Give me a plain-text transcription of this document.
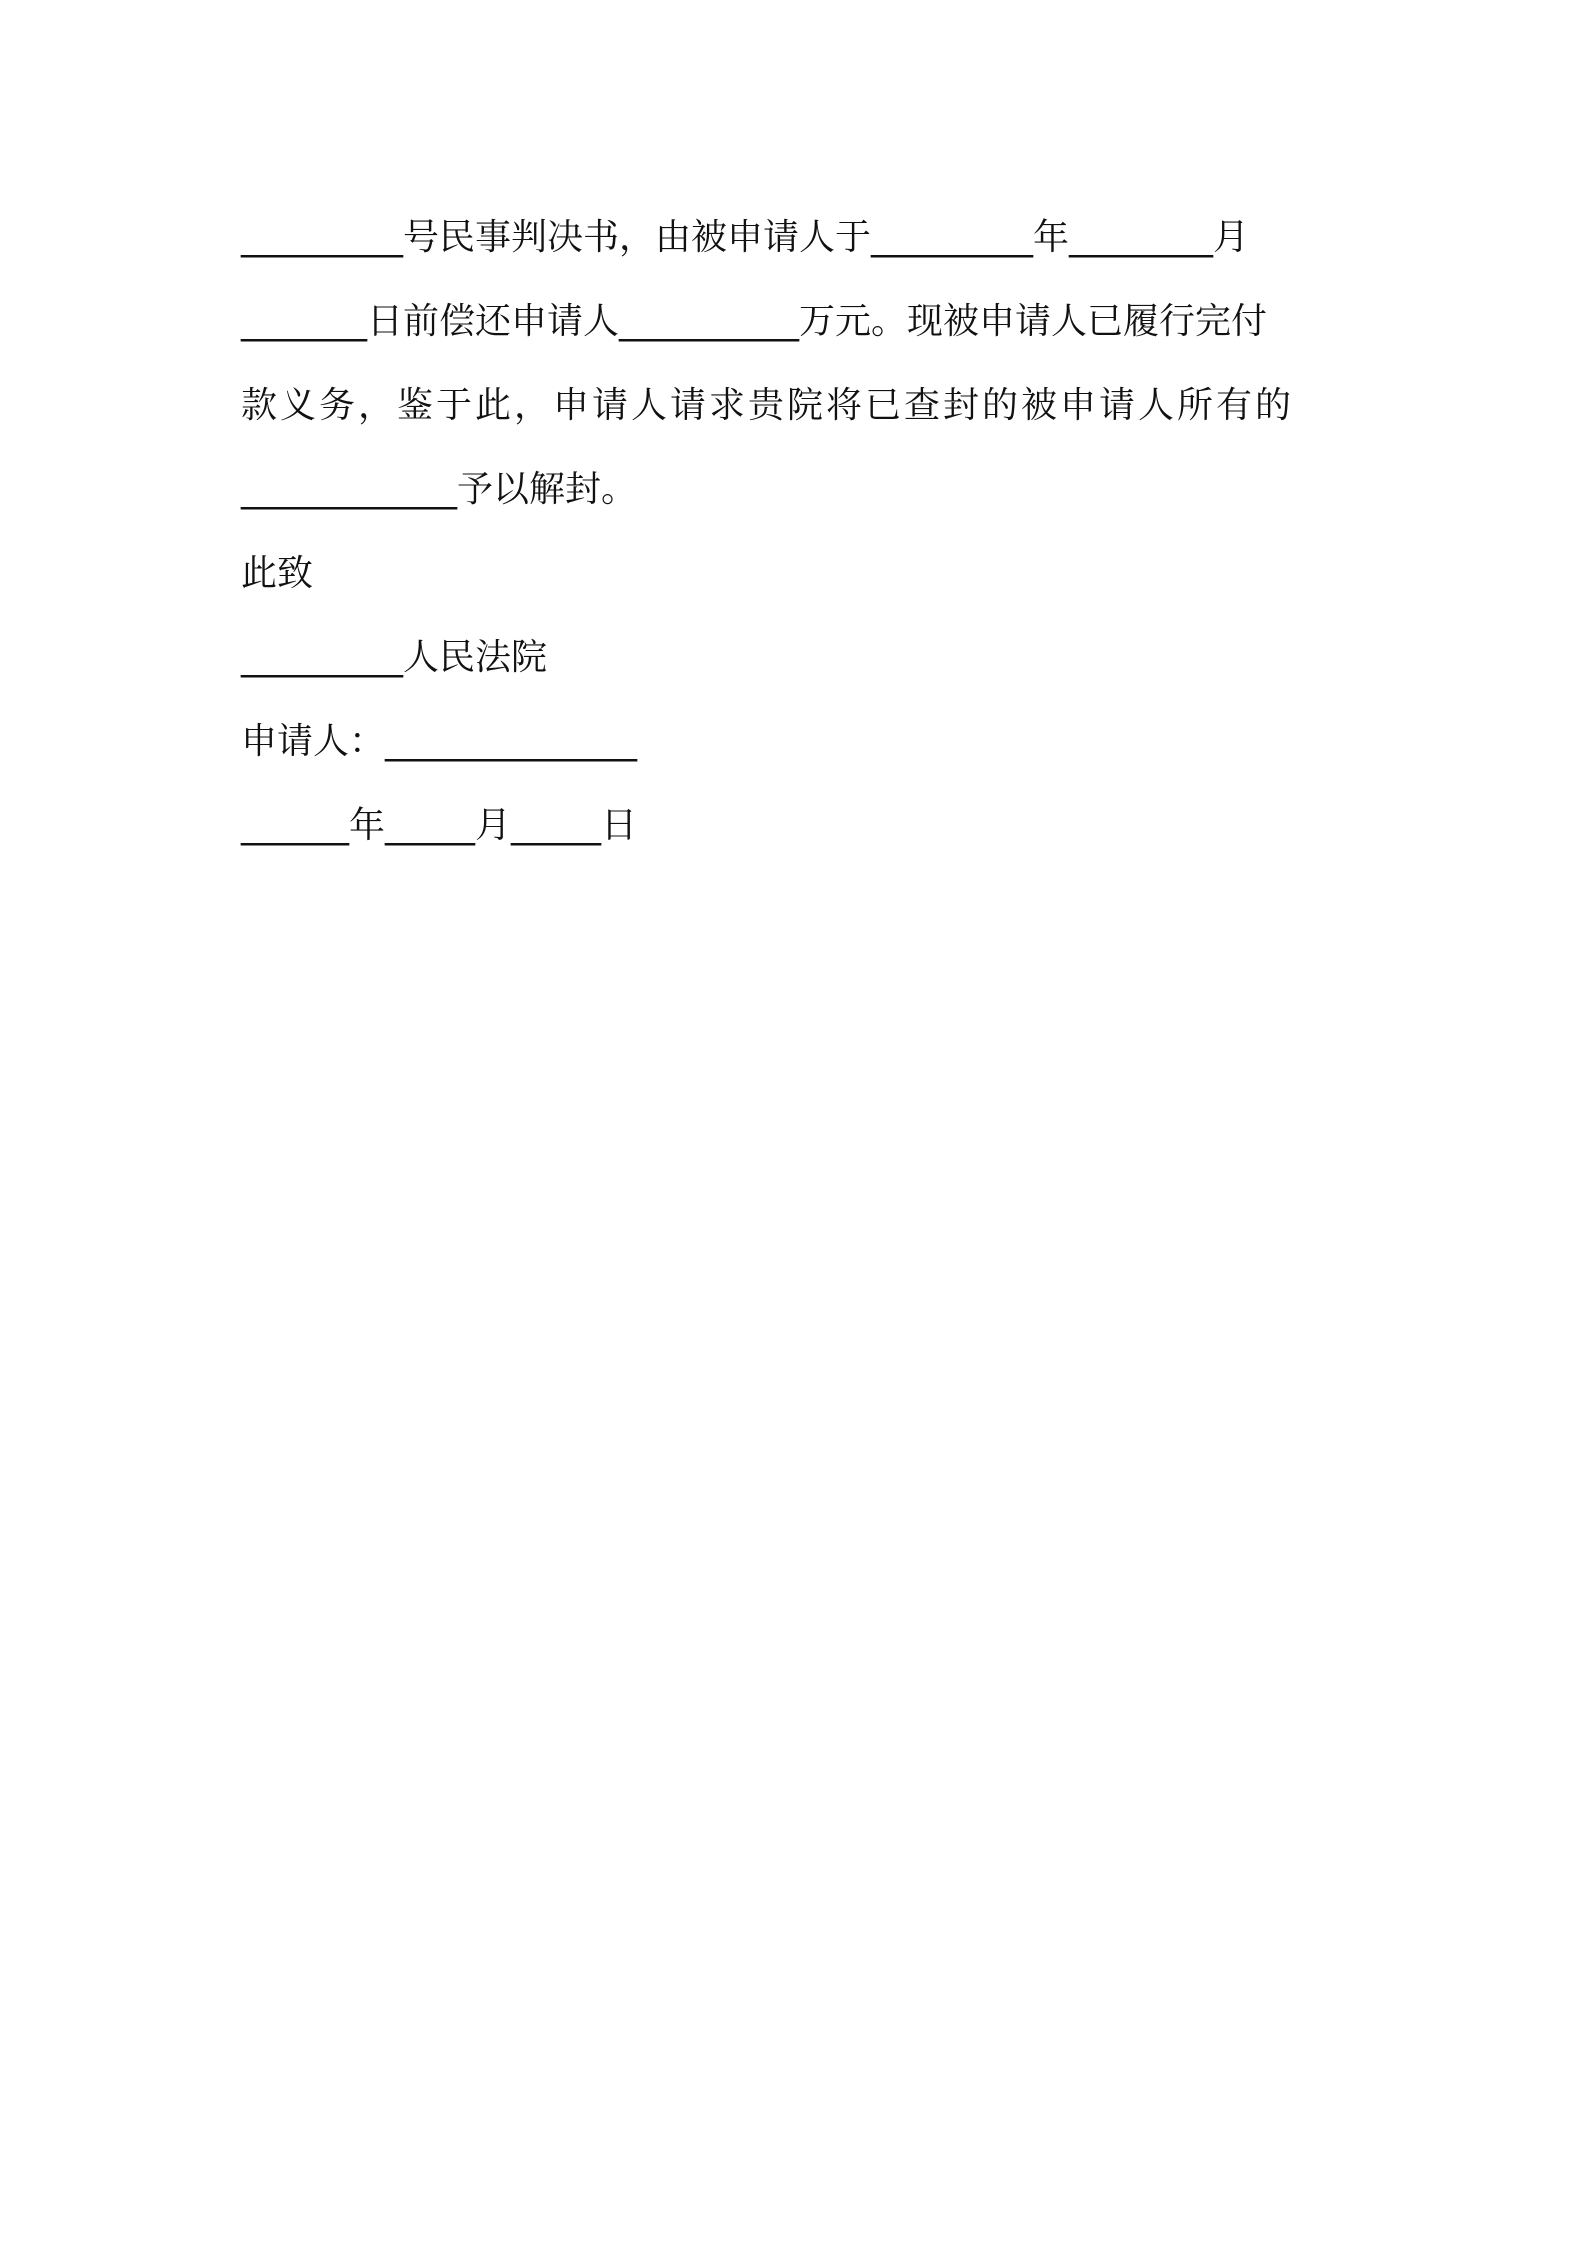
_________号民事判决书，由被申请人于_________年________月
_______日前偿还申请人__________万元。现被申请人已履行完付
款义务，鉴于此，申请人请求贵院将已查封的被申请人所有的
____________予以解封。
此致
_________人民法院
申请人：______________
______年_____月_____日
